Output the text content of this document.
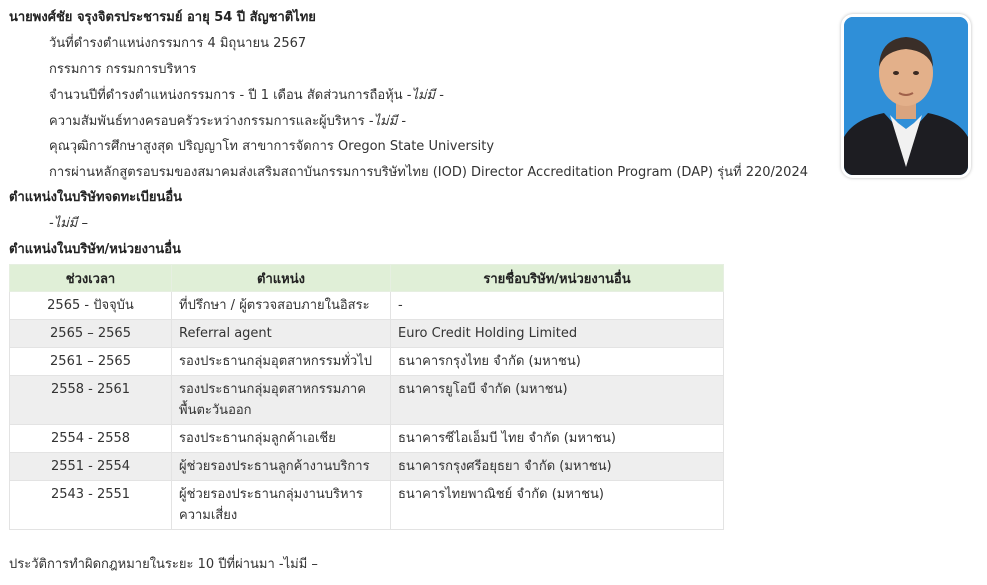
นายพงศ์ชัย จรุงจิตรประชารมย์ อายุ 54 ปี สัญชาติไทย
วันที่ดำรงตำแหน่งกรรมการ 4 มิถุนายน 2567
กรรมการ กรรมการบริหาร
จำนวนปีที่ดำรงตำแหน่งกรรมการ - ปี 1 เดือน สัดส่วนการถือหุ้น -ไม่มี -
ความสัมพันธ์ทางครอบครัวระหว่างกรรมการและผู้บริหาร -ไม่มี -
คุณวุฒิการศึกษาสูงสุด ปริญญาโท สาขาการจัดการ Oregon State University
การผ่านหลักสูตรอบรมของสมาคมส่งเสริมสถาบันกรรมการบริษัทไทย (IOD) Director Accreditation Program (DAP) รุ่นที่ 220/2024
ตำแหน่งในบริษัทจดทะเบียนอื่น
-ไม่มี –
ตำแหน่งในบริษัท/หน่วยงานอื่น
ช่วงเวลา	ตำแหน่ง	รายชื่อบริษัท/หน่วยงานอื่น
2565 - ปัจจุบัน	ที่ปรึกษา / ผู้ตรวจสอบภายในอิสระ	-
2565 – 2565	Referral agent	Euro Credit Holding Limited
2561 – 2565	รองประธานกลุ่มอุตสาหกรรมทั่วไป	ธนาคารกรุงไทย จำกัด (มหาชน)
2558 - 2561	รองประธานกลุ่มอุตสาหกรรมภาคพื้นตะวันออก	ธนาคารยูโอบี จำกัด (มหาชน)
2554 - 2558	รองประธานกลุ่มลูกค้าเอเชีย	ธนาคารซีไอเอ็มบี ไทย จำกัด (มหาชน)
2551 - 2554	ผู้ช่วยรองประธานลูกค้างานบริการ	ธนาคารกรุงศรีอยุธยา จำกัด (มหาชน)
2543 - 2551	ผู้ช่วยรองประธานกลุ่มงานบริหารความเสี่ยง	ธนาคารไทยพาณิชย์ จำกัด (มหาชน)
ประวัติการทำผิดกฎหมายในระยะ 10 ปีที่ผ่านมา -ไม่มี –
